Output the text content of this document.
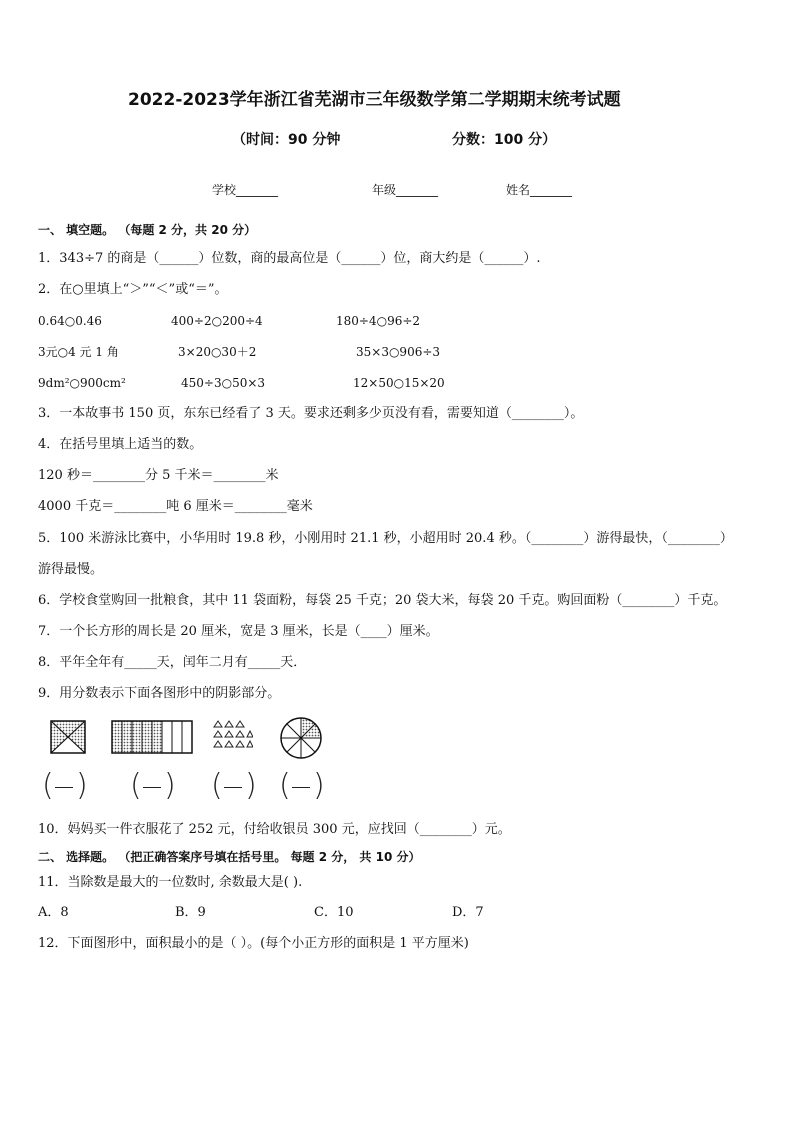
2022-2023学年浙江省芜湖市三年级数学第二学期期末统考试题
（时间：90 分钟	分数：100 分）
学校_______	年级_______	姓名_______
一、 填空题。 （每题 2 分，共 20 分）
1．343÷7 的商是（______）位数，商的最高位是（______）位，商大约是（______）.
2．在○里填上“＞”“＜”或“＝”。
0.64○0.46	400÷2○200÷4	180÷4○96÷2
3元○4 元 1 角	3×20○30＋2	35×3○906÷3
9dm²○900cm²	450÷3○50×3	12×50○15×20
3．一本故事书 150 页，东东已经看了 3 天。要求还剩多少页没有看，需要知道（________）。
4．在括号里填上适当的数。
120 秒＝________分 5 千米＝________米
4000 千克＝________吨 6 厘米＝________毫米
5．100 米游泳比赛中，小华用时 19.8 秒，小刚用时 21.1 秒，小超用时 20.4 秒。（________）游得最快，（________）
游得最慢。
6．学校食堂购回一批粮食，其中 11 袋面粉，每袋 25 千克；20 袋大米，每袋 20 千克。购回面粉（________）千克。
7．一个长方形的周长是 20 厘米，宽是 3 厘米，长是（____）厘米。
8．平年全年有_____天，闰年二月有_____天．
9．用分数表示下面各图形中的阴影部分。
( ) ( ) ( ) ( )
10．妈妈买一件衣服花了 252 元，付给收银员 300 元，应找回（________）元。
二、 选择题。 （把正确答案序号填在括号里。 每题 2 分， 共 10 分）
11．当除数是最大的一位数时, 余数最大是( ).
A．8	B．9	C．10	D．7
12．下面图形中，面积最小的是（ ）。(每个小正方形的面积是 1 平方厘米)
